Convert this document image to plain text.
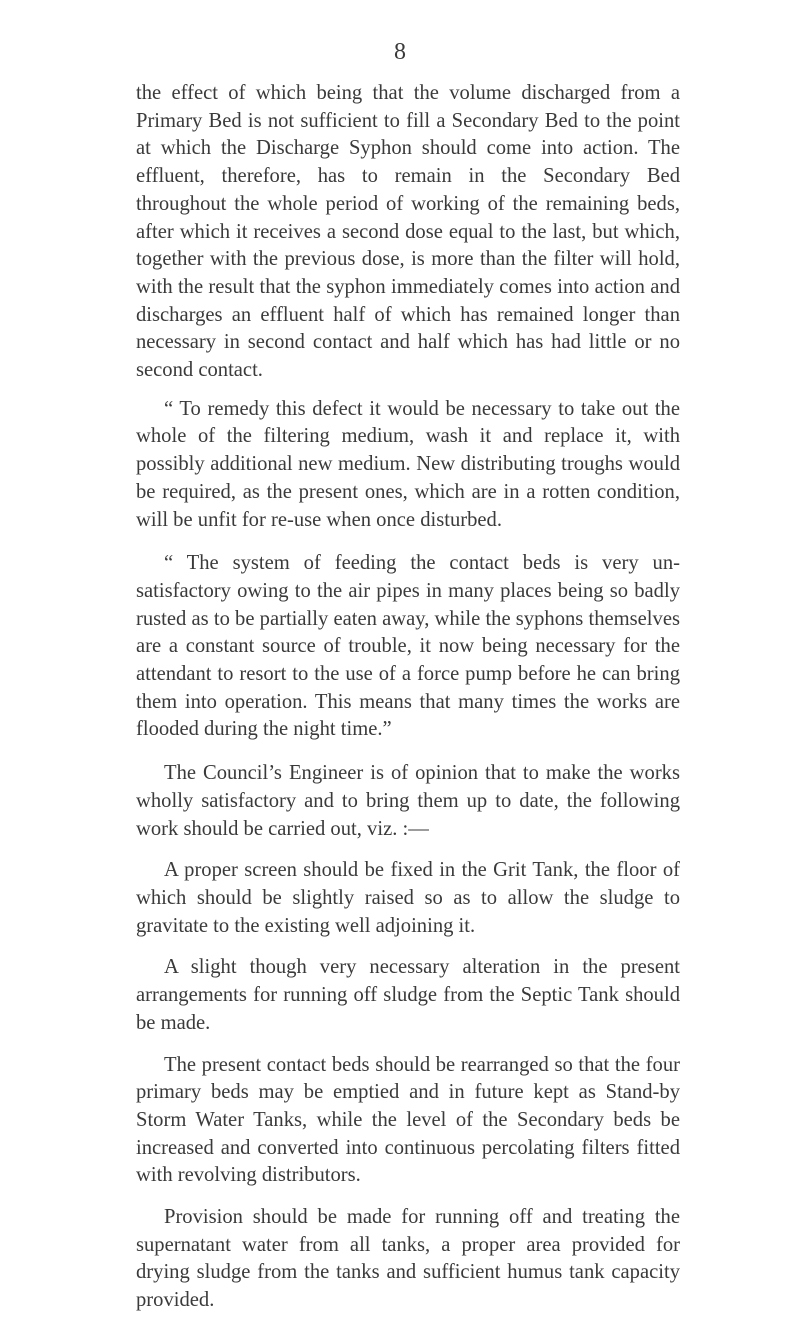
8

the effect of which being that the volume discharged from a Primary Bed is not sufficient to fill a Secondary Bed to the point at which the Discharge Syphon should come into action. The effluent, therefore, has to remain in the Secondary Bed throughout the whole period of working of the remaining beds, after which it receives a second dose equal to the last, but which, together with the previous dose, is more than the filter will hold, with the result that the syphon immediately comes into action and discharges an effluent half of which has remained longer than necessary in second contact and half which has had little or no second contact.

“ To remedy this defect it would be necessary to take out the whole of the filtering medium, wash it and replace it, with possibly additional new medium. New distributing troughs would be required, as the present ones, which are in a rotten condition, will be unfit for re-use when once disturbed.

“ The system of feeding the contact beds is very un-satisfactory owing to the air pipes in many places being so badly rusted as to be partially eaten away, while the syphons themselves are a constant source of trouble, it now being necessary for the attendant to resort to the use of a force pump before he can bring them into operation. This means that many times the works are flooded during the night time.”

The Council’s Engineer is of opinion that to make the works wholly satisfactory and to bring them up to date, the following work should be carried out, viz. :—

A proper screen should be fixed in the Grit Tank, the floor of which should be slightly raised so as to allow the sludge to gravitate to the existing well adjoining it.

A slight though very necessary alteration in the present arrangements for running off sludge from the Septic Tank should be made.

The present contact beds should be rearranged so that the four primary beds may be emptied and in future kept as Stand-by Storm Water Tanks, while the level of the Secondary beds be increased and converted into continuous percolating filters fitted with revolving distributors.

Provision should be made for running off and treating the supernatant water from all tanks, a proper area provided for drying sludge from the tanks and sufficient humus tank capacity provided.
